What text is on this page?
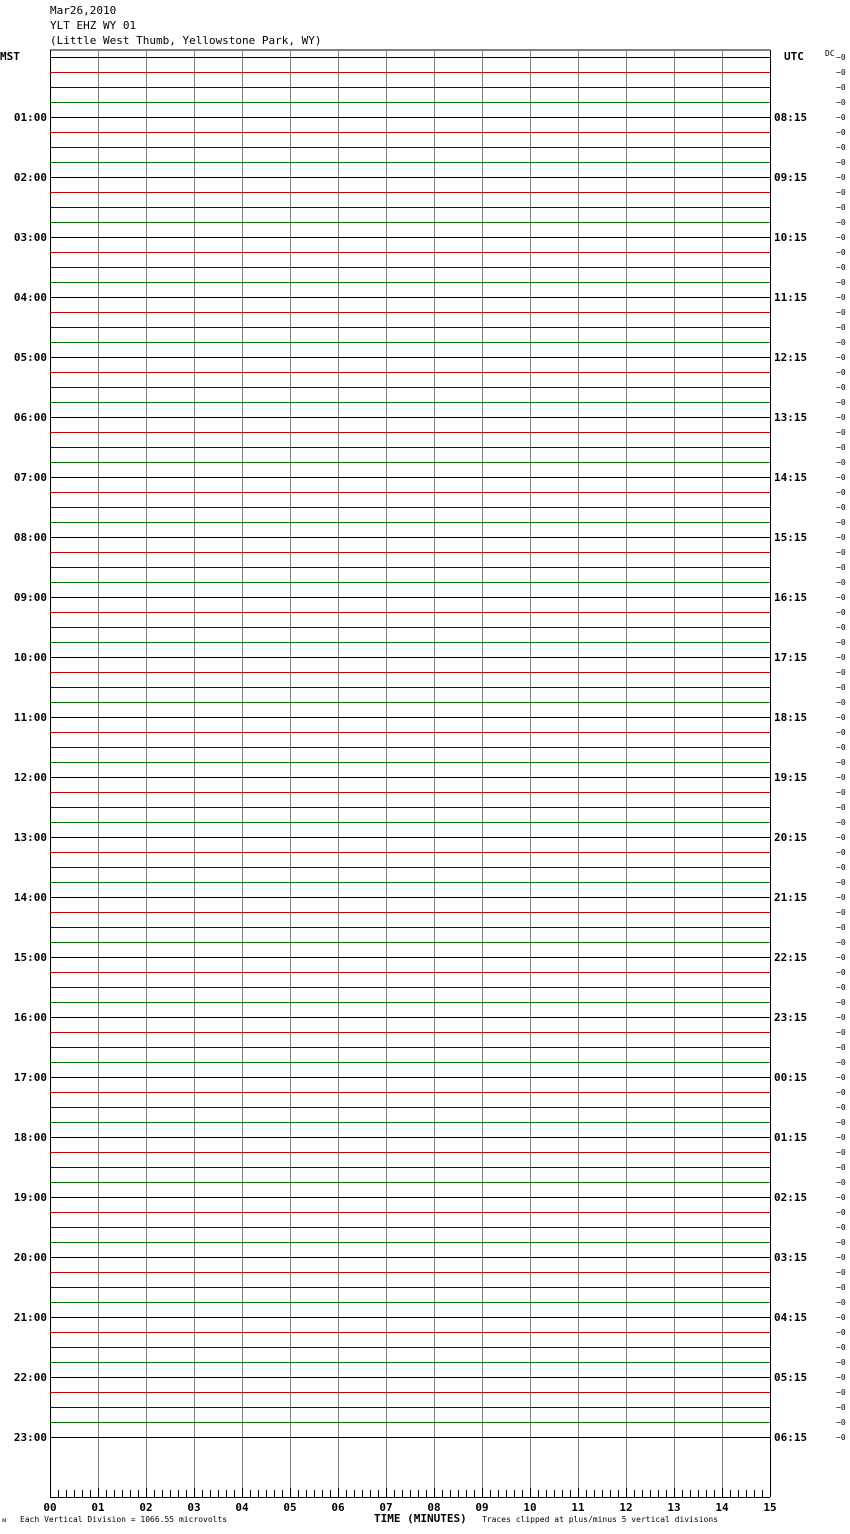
Mar26,2010
YLT EHZ WY 01
(Little West Thumb, Yellowstone Park, WY)
MST	UTC	DC
01:00
02:00
03:00
04:00
05:00
06:00
07:00
08:00
09:00
10:00
11:00
12:00
13:00
14:00
15:00
16:00
17:00
18:00
19:00
20:00
21:00
22:00
23:00
08:15
09:15
10:15
11:15
12:15
13:15
14:15
15:15
16:15
17:15
18:15
19:15
20:15
21:15
22:15
23:15
00:15
01:15
02:15
03:15
04:15
05:15
06:15
−0
−0
−0
−0
−0
−0
−0
−0
−0
−0
−0
−0
−0
−0
−0
−0
−0
−0
−0
−0
−0
−0
−0
−0
−0
−0
−0
−0
−0
−0
−0
−0
−0
−0
−0
−0
−0
−0
−0
−0
−0
−0
−0
−0
−0
−0
−0
−0
−0
−0
−0
−0
−0
−0
−0
−0
−0
−0
−0
−0
−0
−0
−0
−0
−0
−0
−0
−0
−0
−0
−0
−0
−0
−0
−0
−0
−0
−0
−0
−0
−0
−0
−0
−0
−0
−0
−0
−0
−0
−0
−0
−0
−0
00	01	02	03	04	05	06	07	08	09	10	11	12	13	14	15
ᴍ Each Vertical Division = 1066.55 microvolts	TIME (MINUTES) Traces clipped at plus/minus 5 vertical divisions
